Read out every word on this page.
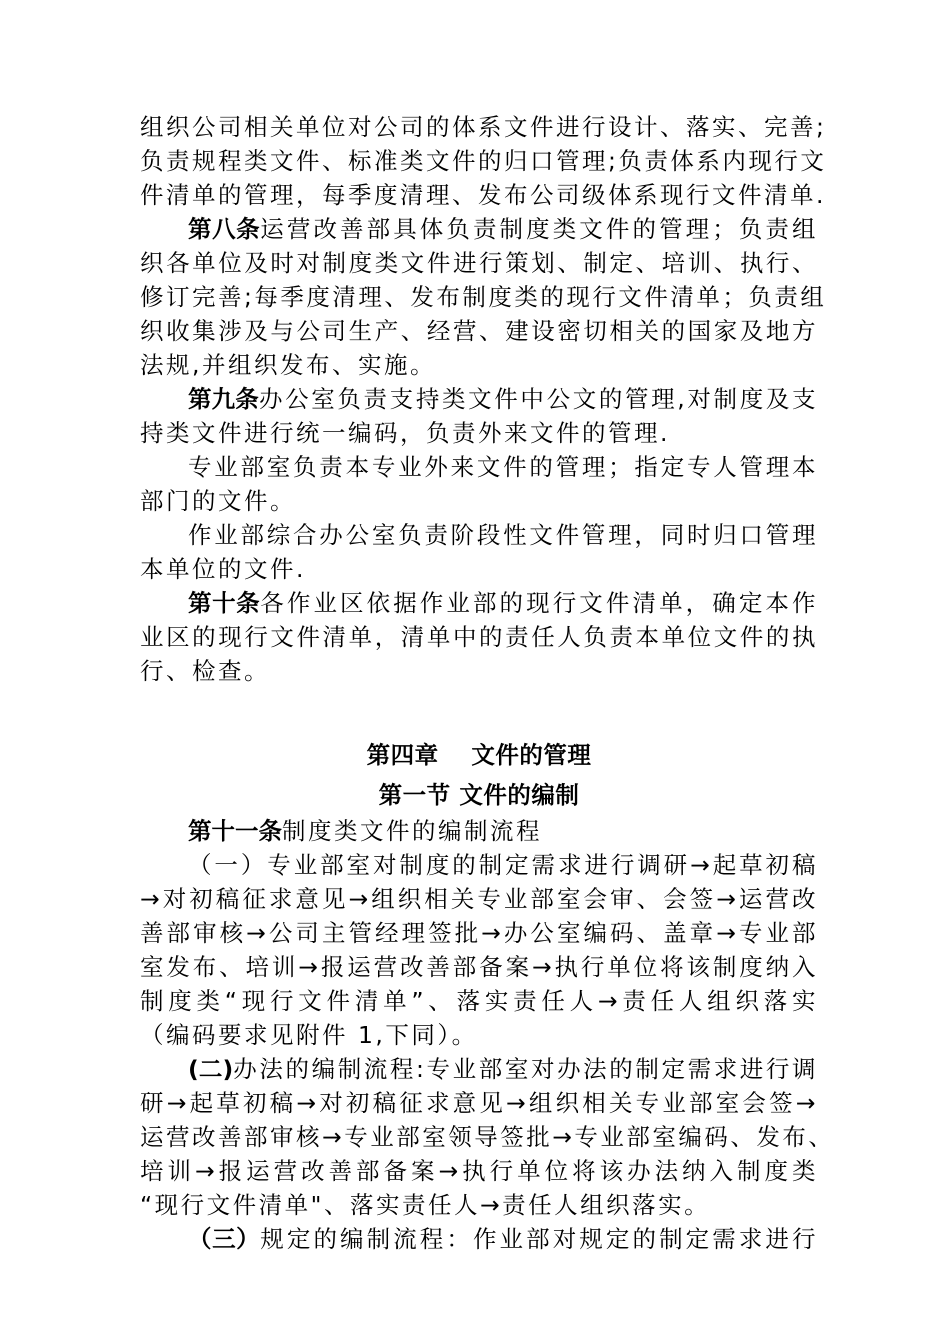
组织公司相关单位对公司的体系文件进行设计、落实、完善;
负责规程类文件、标准类文件的归口管理;负责体系内现行文
件清单的管理，每季度清理、发布公司级体系现行文件清单.
第八条运营改善部具体负责制度类文件的管理；负责组
织各单位及时对制度类文件进行策划、制定、培训、执行、
修订完善;每季度清理、发布制度类的现行文件清单；负责组
织收集涉及与公司生产、经营、建设密切相关的国家及地方
法规,并组织发布、实施。
第九条办公室负责支持类文件中公文的管理,对制度及支
持类文件进行统一编码，负责外来文件的管理.
专业部室负责本专业外来文件的管理；指定专人管理本
部门的文件。
作业部综合办公室负责阶段性文件管理，同时归口管理
本单位的文件.
第十条各作业区依据作业部的现行文件清单，确定本作
业区的现行文件清单，清单中的责任人负责本单位文件的执
行、检查。
第四章　 文件的管理
第一节 文件的编制
第十一条制度类文件的编制流程
（一）专业部室对制度的制定需求进行调研→起草初稿
→对初稿征求意见→组织相关专业部室会审、会签→运营改
善部审核→公司主管经理签批→办公室编码、盖章→专业部
室发布、培训→报运营改善部备案→执行单位将该制度纳入
制度类“现行文件清单”、落实责任人→责任人组织落实
（编码要求见附件 1,下同）。
(二)办法的编制流程:专业部室对办法的制定需求进行调
研→起草初稿→对初稿征求意见→组织相关专业部室会签→
运营改善部审核→专业部室领导签批→专业部室编码、发布、
培训→报运营改善部备案→执行单位将该办法纳入制度类
“现行文件清单"、落实责任人→责任人组织落实。
（三）规定的编制流程：作业部对规定的制定需求进行
